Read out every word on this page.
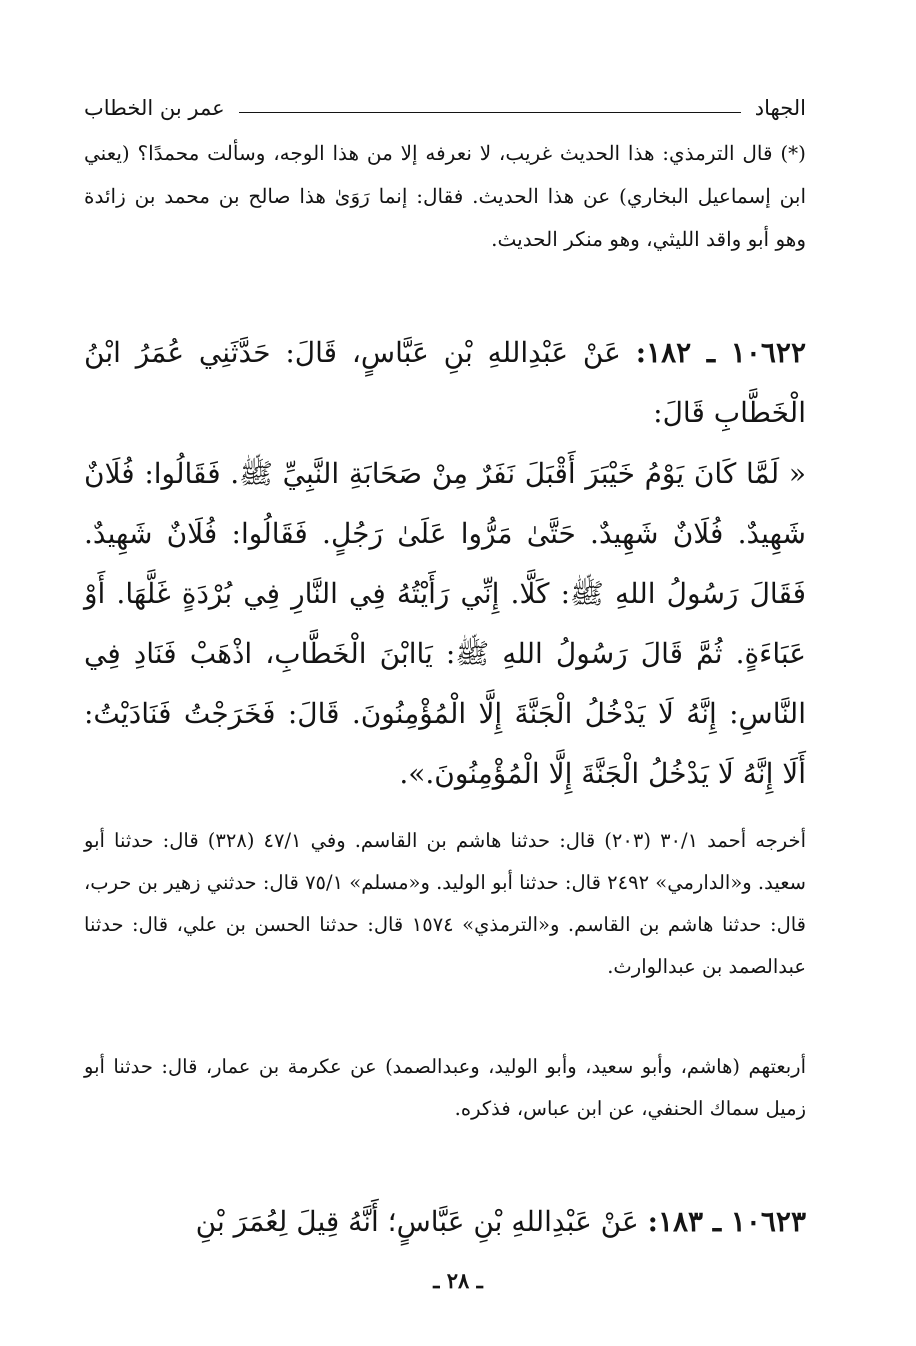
الجهاد
عمر بن الخطاب

(*) قال الترمذي: هذا الحديث غريب، لا نعرفه إلا من هذا الوجه، وسألت محمدًا؟ (يعني ابن إسماعيل البخاري) عن هذا الحديث. فقال: إنما رَوَىٰ هذا صالح بن محمد بن زائدة وهو أبو واقد الليثي، وهو منكر الحديث.

١٠٦٢٢ ـ ١٨٢: عَنْ عَبْدِاللهِ بْنِ عَبَّاسٍ، قَالَ: حَدَّثَنِي عُمَرُ ابْنُ الْخَطَّابِ قَالَ:

« لَمَّا كَانَ يَوْمُ خَيْبَرَ أَقْبَلَ نَفَرٌ مِنْ صَحَابَةِ النَّبِيِّ ﷺ. فَقَالُوا: فُلَانٌ شَهِيدٌ. فُلَانٌ شَهِيدٌ. حَتَّىٰ مَرُّوا عَلَىٰ رَجُلٍ. فَقَالُوا: فُلَانٌ شَهِيدٌ. فَقَالَ رَسُولُ اللهِ ﷺ: كَلَّا. إِنِّي رَأَيْتُهُ فِي النَّارِ فِي بُرْدَةٍ غَلَّهَا. أَوْ عَبَاءَةٍ. ثُمَّ قَالَ رَسُولُ اللهِ ﷺ: يَاابْنَ الْخَطَّابِ، اذْهَبْ فَنَادِ فِي النَّاسِ: إِنَّهُ لَا يَدْخُلُ الْجَنَّةَ إِلَّا الْمُؤْمِنُونَ. قَالَ: فَخَرَجْتُ فَنَادَيْتُ: أَلَا إِنَّهُ لَا يَدْخُلُ الْجَنَّةَ إِلَّا الْمُؤْمِنُونَ.».

أخرجه أحمد ٣٠/١ (٢٠٣) قال: حدثنا هاشم بن القاسم. وفي ٤٧/١ (٣٢٨) قال: حدثنا أبو سعيد. و«الدارمي» ٢٤٩٢ قال: حدثنا أبو الوليد. و«مسلم» ٧٥/١ قال: حدثني زهير بن حرب، قال: حدثنا هاشم بن القاسم. و«الترمذي» ١٥٧٤ قال: حدثنا الحسن بن علي، قال: حدثنا عبدالصمد بن عبدالوارث.

أربعتهم (هاشم، وأبو سعيد، وأبو الوليد، وعبدالصمد) عن عكرمة بن عمار، قال: حدثنا أبو زميل سماك الحنفي، عن ابن عباس، فذكره.

١٠٦٢٣ ـ ١٨٣: عَنْ عَبْدِاللهِ بْنِ عَبَّاسٍ؛ أَنَّهُ قِيلَ لِعُمَرَ بْنِ

ـ ٢٨ ـ
